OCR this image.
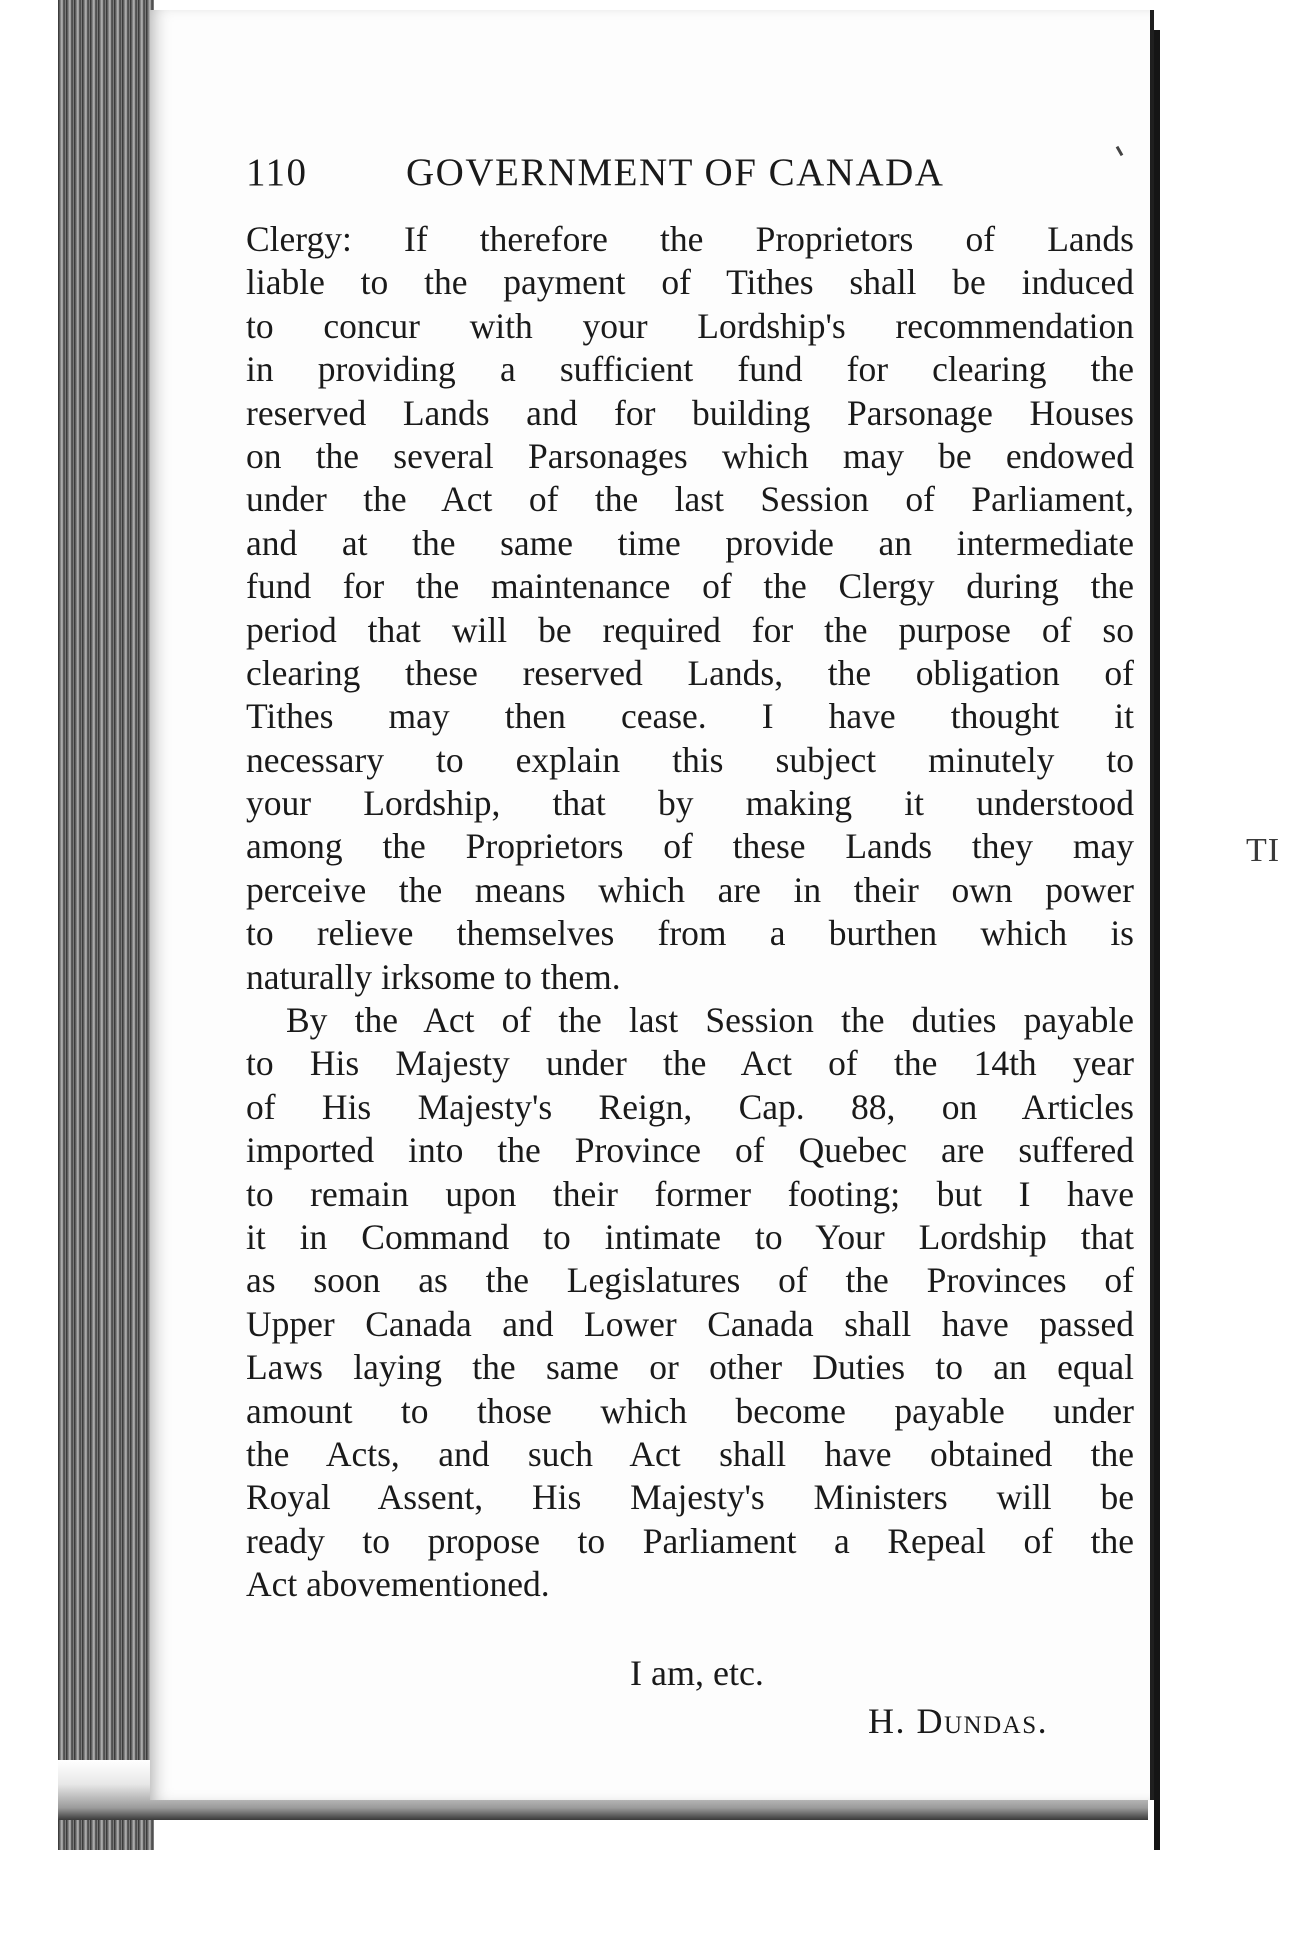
TI
110	GOVERNMENT OF CANADA
Clergy: If therefore the Proprietors of Lands
liable to the payment of Tithes shall be induced
to concur with your Lordship's recommendation
in providing a sufficient fund for clearing the
reserved Lands and for building Parsonage Houses
on the several Parsonages which may be endowed
under the Act of the last Session of Parliament,
and at the same time provide an intermediate
fund for the maintenance of the Clergy during the
period that will be required for the purpose of so
clearing these reserved Lands, the obligation of
Tithes may then cease. I have thought it
necessary to explain this subject minutely to
your Lordship, that by making it understood
among the Proprietors of these Lands they may
perceive the means which are in their own power
to relieve themselves from a burthen which is
naturally irksome to them.
By the Act of the last Session the duties payable
to His Majesty under the Act of the 14th year
of His Majesty's Reign, Cap. 88, on Articles
imported into the Province of Quebec are suffered
to remain upon their former footing; but I have
it in Command to intimate to Your Lordship that
as soon as the Legislatures of the Provinces of
Upper Canada and Lower Canada shall have passed
Laws laying the same or other Duties to an equal
amount to those which become payable under
the Acts, and such Act shall have obtained the
Royal Assent, His Majesty's Ministers will be
ready to propose to Parliament a Repeal of the
Act abovementioned.
I am, etc.
H. Dundas.
